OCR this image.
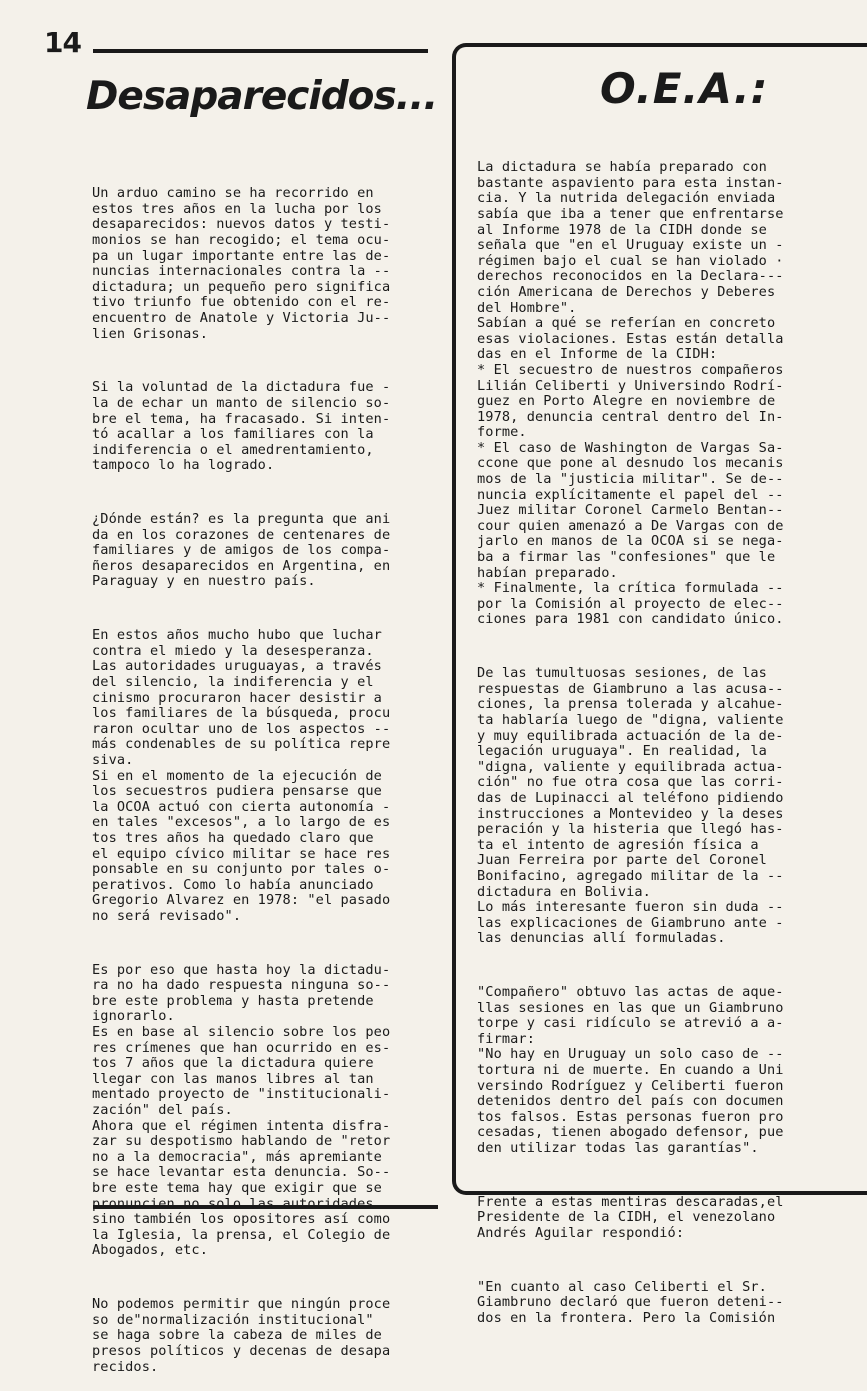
14
Desaparecidos...

Un arduo camino se ha recorrido en
estos tres años en la lucha por los
desaparecidos: nuevos datos y testi-
monios se han recogido; el tema ocu-
pa un lugar importante entre las de-
nuncias internacionales contra la --
dictadura; un pequeño pero significa
tivo triunfo fue obtenido con el re-
encuentro de Anatole y Victoria Ju--
lien Grisonas.

Si la voluntad de la dictadura fue -
la de echar un manto de silencio so-
bre el tema, ha fracasado. Si inten-
tó acallar a los familiares con la
indiferencia o el amedrentamiento,
tampoco lo ha logrado.

¿Dónde están? es la pregunta que ani
da en los corazones de centenares de
familiares y de amigos de los compa-
ñeros desaparecidos en Argentina, en
Paraguay y en nuestro país.

En estos años mucho hubo que luchar
contra el miedo y la desesperanza.
Las autoridades uruguayas, a través
del silencio, la indiferencia y el
cinismo procuraron hacer desistir a
los familiares de la búsqueda, procu
raron ocultar uno de los aspectos --
más condenables de su política repre
siva.
Si en el momento de la ejecución de
los secuestros pudiera pensarse que
la OCOA actuó con cierta autonomía -
en tales "excesos", a lo largo de es
tos tres años ha quedado claro que
el equipo cívico militar se hace res
ponsable en su conjunto por tales o-
perativos. Como lo había anunciado
Gregorio Alvarez en 1978: "el pasado
no será revisado".

Es por eso que hasta hoy la dictadu-
ra no ha dado respuesta ninguna so--
bre este problema y hasta pretende
ignorarlo.
Es en base al silencio sobre los peo
res crímenes que han ocurrido en es-
tos 7 años que la dictadura quiere
llegar con las manos libres al tan
mentado proyecto de "institucionali-
zación" del país.
Ahora que el régimen intenta disfra-
zar su despotismo hablando de "retor
no a la democracia", más apremiante
se hace levantar esta denuncia. So--
bre este tema hay que exigir que se
pronuncien no solo las autoridades
sino también los opositores así como
la Iglesia, la prensa, el Colegio de
Abogados, etc.

No podemos permitir que ningún proce
so de"normalización institucional"
se haga sobre la cabeza de miles de
presos políticos y decenas de desapa
recidos.

O.E.A.:

La dictadura se había preparado con
bastante aspaviento para esta instan-
cia. Y la nutrida delegación enviada
sabía que iba a tener que enfrentarse
al Informe 1978 de la CIDH donde se
señala que "en el Uruguay existe un -
régimen bajo el cual se han violado ·
derechos reconocidos en la Declara---
ción Americana de Derechos y Deberes
del Hombre".
Sabían a qué se referían en concreto
esas violaciones. Estas están detalla
das en el Informe de la CIDH:
* El secuestro de nuestros compañeros
Lilián Celiberti y Universindo Rodrí-
guez en Porto Alegre en noviembre de
1978, denuncia central dentro del In-
forme.
* El caso de Washington de Vargas Sa-
ccone que pone al desnudo los mecanis
mos de la "justicia militar". Se de--
nuncia explícitamente el papel del --
Juez militar Coronel Carmelo Bentan--
cour quien amenazó a De Vargas con de
jarlo en manos de la OCOA si se nega-
ba a firmar las "confesiones" que le
habían preparado.
* Finalmente, la crítica formulada --
por la Comisión al proyecto de elec--
ciones para 1981 con candidato único.

De las tumultuosas sesiones, de las
respuestas de Giambruno a las acusa--
ciones, la prensa tolerada y alcahue-
ta hablaría luego de "digna, valiente
y muy equilibrada actuación de la de-
legación uruguaya". En realidad, la
"digna, valiente y equilibrada actua-
ción" no fue otra cosa que las corri-
das de Lupinacci al teléfono pidiendo
instrucciones a Montevideo y la deses
peración y la histeria que llegó has-
ta el intento de agresión física a
Juan Ferreira por parte del Coronel
Bonifacino, agregado militar de la --
dictadura en Bolivia.
Lo más interesante fueron sin duda --
las explicaciones de Giambruno ante -
las denuncias allí formuladas.

"Compañero" obtuvo las actas de aque-
llas sesiones en las que un Giambruno
torpe y casi ridículo se atrevió a a-
firmar:
"No hay en Uruguay un solo caso de --
tortura ni de muerte. En cuando a Uni
versindo Rodríguez y Celiberti fueron
detenidos dentro del país con documen
tos falsos. Estas personas fueron pro
cesadas, tienen abogado defensor, pue
den utilizar todas las garantías".

Frente a estas mentiras descaradas,el
Presidente de la CIDH, el venezolano
Andrés Aguilar respondió:

"En cuanto al caso Celiberti el Sr.
Giambruno declaró que fueron deteni--
dos en la frontera. Pero la Comisión
